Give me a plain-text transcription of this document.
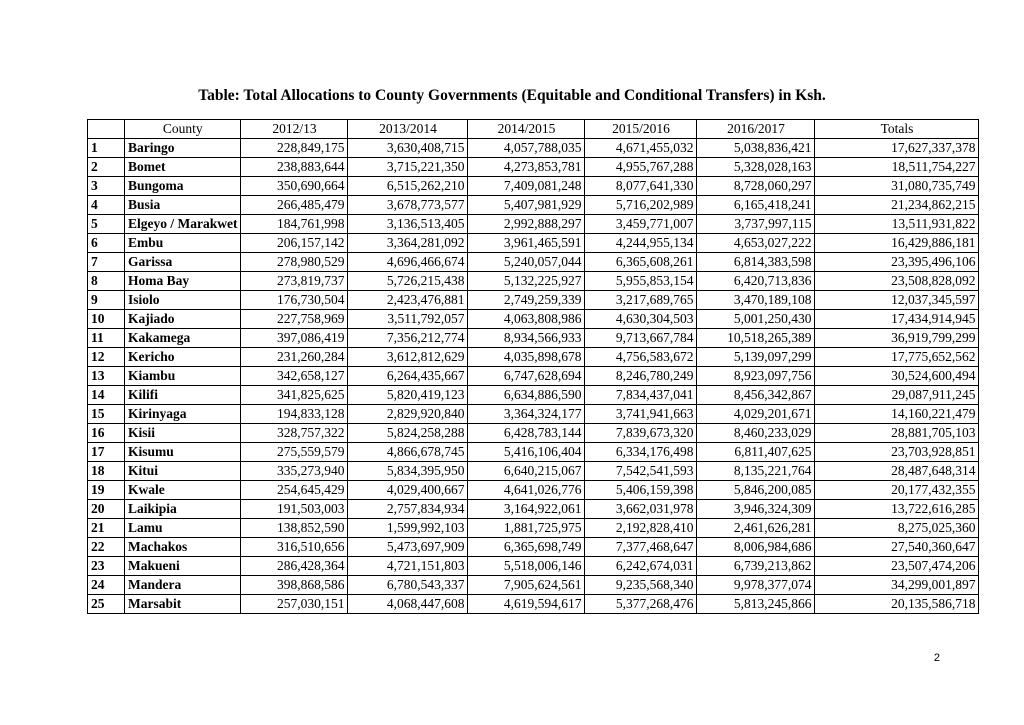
Table: Total Allocations to County Governments (Equitable and Conditional Transfers) in Ksh.
	County	2012/13	2013/2014	2014/2015	2015/2016	2016/2017	Totals
1	Baringo	228,849,175	3,630,408,715	4,057,788,035	4,671,455,032	5,038,836,421	17,627,337,378
2	Bomet	238,883,644	3,715,221,350	4,273,853,781	4,955,767,288	5,328,028,163	18,511,754,227
3	Bungoma	350,690,664	6,515,262,210	7,409,081,248	8,077,641,330	8,728,060,297	31,080,735,749
4	Busia	266,485,479	3,678,773,577	5,407,981,929	5,716,202,989	6,165,418,241	21,234,862,215
5	Elgeyo / Marakwet	184,761,998	3,136,513,405	2,992,888,297	3,459,771,007	3,737,997,115	13,511,931,822
6	Embu	206,157,142	3,364,281,092	3,961,465,591	4,244,955,134	4,653,027,222	16,429,886,181
7	Garissa	278,980,529	4,696,466,674	5,240,057,044	6,365,608,261	6,814,383,598	23,395,496,106
8	Homa Bay	273,819,737	5,726,215,438	5,132,225,927	5,955,853,154	6,420,713,836	23,508,828,092
9	Isiolo	176,730,504	2,423,476,881	2,749,259,339	3,217,689,765	3,470,189,108	12,037,345,597
10	Kajiado	227,758,969	3,511,792,057	4,063,808,986	4,630,304,503	5,001,250,430	17,434,914,945
11	Kakamega	397,086,419	7,356,212,774	8,934,566,933	9,713,667,784	10,518,265,389	36,919,799,299
12	Kericho	231,260,284	3,612,812,629	4,035,898,678	4,756,583,672	5,139,097,299	17,775,652,562
13	Kiambu	342,658,127	6,264,435,667	6,747,628,694	8,246,780,249	8,923,097,756	30,524,600,494
14	Kilifi	341,825,625	5,820,419,123	6,634,886,590	7,834,437,041	8,456,342,867	29,087,911,245
15	Kirinyaga	194,833,128	2,829,920,840	3,364,324,177	3,741,941,663	4,029,201,671	14,160,221,479
16	Kisii	328,757,322	5,824,258,288	6,428,783,144	7,839,673,320	8,460,233,029	28,881,705,103
17	Kisumu	275,559,579	4,866,678,745	5,416,106,404	6,334,176,498	6,811,407,625	23,703,928,851
18	Kitui	335,273,940	5,834,395,950	6,640,215,067	7,542,541,593	8,135,221,764	28,487,648,314
19	Kwale	254,645,429	4,029,400,667	4,641,026,776	5,406,159,398	5,846,200,085	20,177,432,355
20	Laikipia	191,503,003	2,757,834,934	3,164,922,061	3,662,031,978	3,946,324,309	13,722,616,285
21	Lamu	138,852,590	1,599,992,103	1,881,725,975	2,192,828,410	2,461,626,281	8,275,025,360
22	Machakos	316,510,656	5,473,697,909	6,365,698,749	7,377,468,647	8,006,984,686	27,540,360,647
23	Makueni	286,428,364	4,721,151,803	5,518,006,146	6,242,674,031	6,739,213,862	23,507,474,206
24	Mandera	398,868,586	6,780,543,337	7,905,624,561	9,235,568,340	9,978,377,074	34,299,001,897
25	Marsabit	257,030,151	4,068,447,608	4,619,594,617	5,377,268,476	5,813,245,866	20,135,586,718
2
